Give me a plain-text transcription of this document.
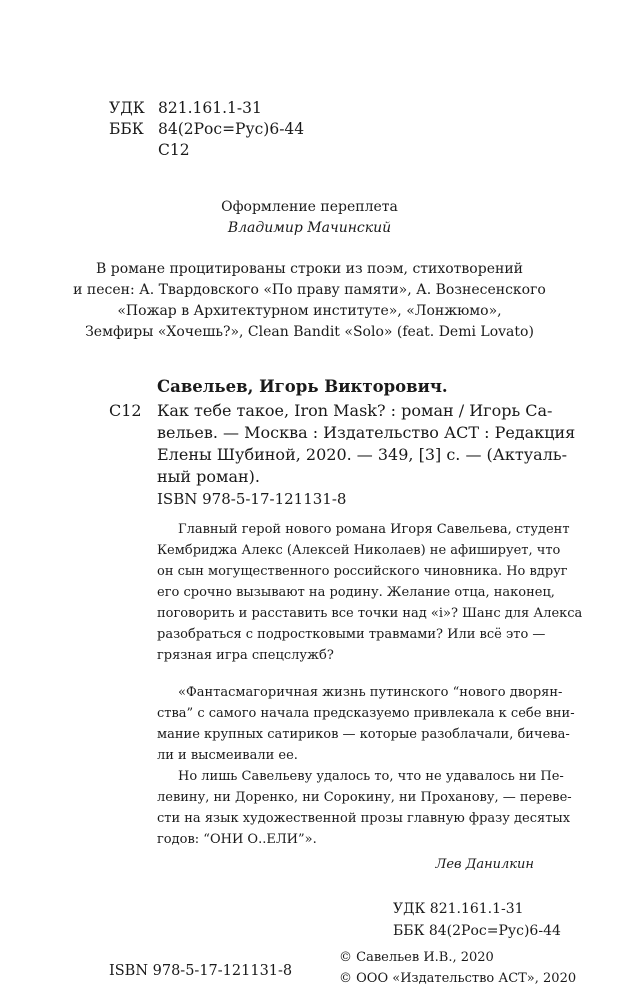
УДК 821.161.1-31
ББК 84(2Рос=Рус)6-44
С12
Оформление переплета
Владимир Мачинский
В романе процитированы строки из поэм, стихотворений
и песен: А. Твардовского «По праву памяти», А. Вознесенского
«Пожар в Архитектурном институте», «Лонжюмо»,
Земфиры «Хочешь?», Clean Bandit «Solo» (feat. Demi Lovato)
Савельев, Игорь Викторович.
С12 Как тебе такое, Iron Mask? : роман / Игорь Са-
вельев. — Москва : Издательство АСТ : Редакция
Елены Шубиной, 2020. — 349, [3] с. — (Актуаль-
ный роман).
ISBN 978-5-17-121131-8
Главный герой нового романа Игоря Савельева, студент
Кембриджа Алекс (Алексей Николаев) не афиширует, что
он сын могущественного российского чиновника. Но вдруг
его срочно вызывают на родину. Желание отца, наконец,
поговорить и расставить все точки над «i»? Шанс для Алекса
разобраться с подростковыми травмами? Или всё это —
грязная игра спецслужб?
«Фантасмагоричная жизнь путинского “нового дворян-
ства” с самого начала предсказуемо привлекала к себе вни-
мание крупных сатириков — которые разоблачали, бичева-
ли и высмеивали ее.
Но лишь Савельеву удалось то, что не удавалось ни Пе-
левину, ни Доренко, ни Сорокину, ни Проханову, — переве-
сти на язык художественной прозы главную фразу десятых
годов: “ОНИ О..ЕЛИ”».
Лев Данилкин
УДК 821.161.1-31
ББК 84(2Рос=Рус)6-44
ISBN 978-5-17-121131-8
© Савельев И.В., 2020
© ООО «Издательство АСТ», 2020
